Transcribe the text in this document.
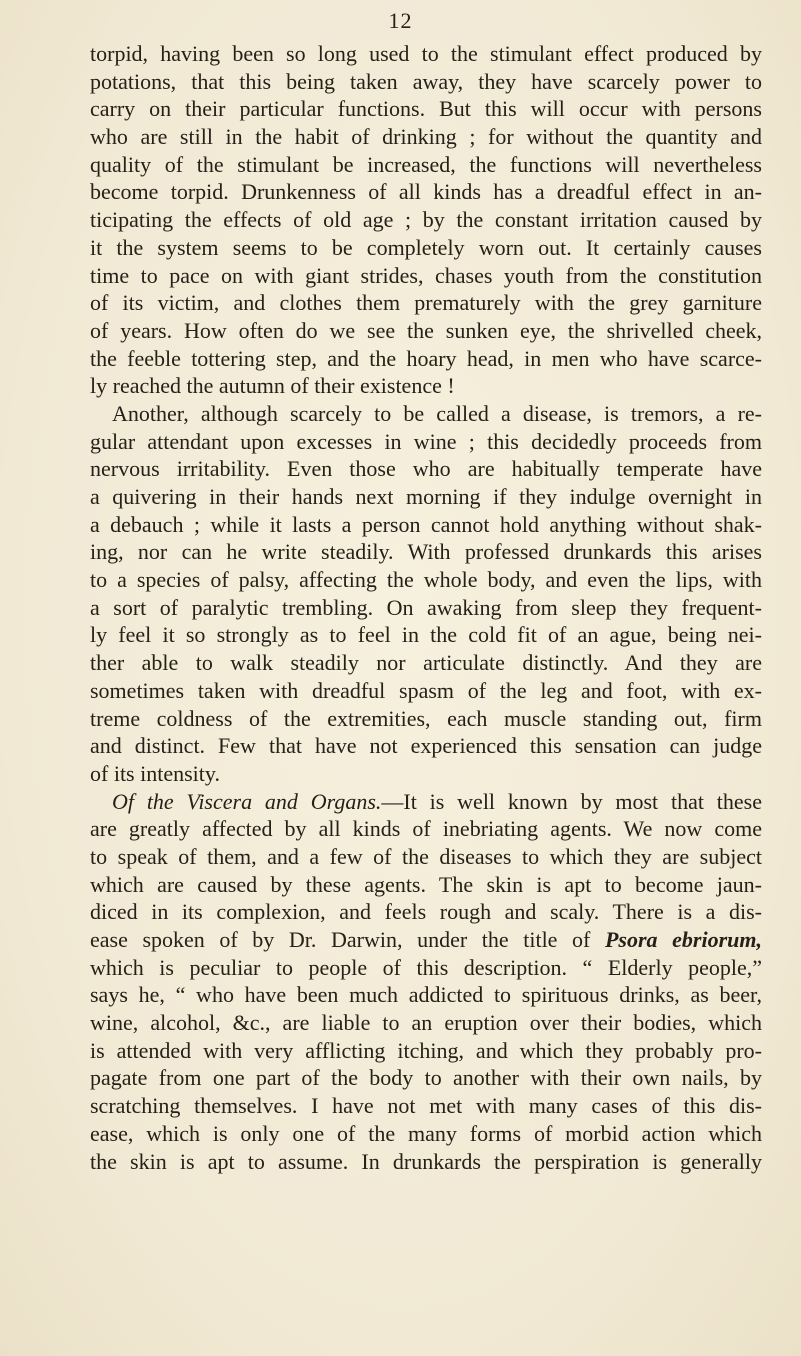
12
torpid, having been so long used to the stimulant effect produced by
potations, that this being taken away, they have scarcely power to
carry on their particular functions. But this will occur with persons
who are still in the habit of drinking ; for without the quantity and
quality of the stimulant be increased, the functions will nevertheless
become torpid. Drunkenness of all kinds has a dreadful effect in an-
ticipating the effects of old age ; by the constant irritation caused by
it the system seems to be completely worn out. It certainly causes
time to pace on with giant strides, chases youth from the constitution
of its victim, and clothes them prematurely with the grey garniture
of years. How often do we see the sunken eye, the shrivelled cheek,
the feeble tottering step, and the hoary head, in men who have scarce-
ly reached the autumn of their existence !
Another, although scarcely to be called a disease, is tremors, a re-
gular attendant upon excesses in wine ; this decidedly proceeds from
nervous irritability. Even those who are habitually temperate have
a quivering in their hands next morning if they indulge overnight in
a debauch ; while it lasts a person cannot hold anything without shak-
ing, nor can he write steadily. With professed drunkards this arises
to a species of palsy, affecting the whole body, and even the lips, with
a sort of paralytic trembling. On awaking from sleep they frequent-
ly feel it so strongly as to feel in the cold fit of an ague, being nei-
ther able to walk steadily nor articulate distinctly. And they are
sometimes taken with dreadful spasm of the leg and foot, with ex-
treme coldness of the extremities, each muscle standing out, firm
and distinct. Few that have not experienced this sensation can judge
of its intensity.
Of the Viscera and Organs.—It is well known by most that these
are greatly affected by all kinds of inebriating agents. We now come
to speak of them, and a few of the diseases to which they are subject
which are caused by these agents. The skin is apt to become jaun-
diced in its complexion, and feels rough and scaly. There is a dis-
ease spoken of by Dr. Darwin, under the title of Psora ebriorum,
which is peculiar to people of this description. “ Elderly people,”
says he, “ who have been much addicted to spirituous drinks, as beer,
wine, alcohol, &c., are liable to an eruption over their bodies, which
is attended with very afflicting itching, and which they probably pro-
pagate from one part of the body to another with their own nails, by
scratching themselves. I have not met with many cases of this dis-
ease, which is only one of the many forms of morbid action which
the skin is apt to assume. In drunkards the perspiration is generally
